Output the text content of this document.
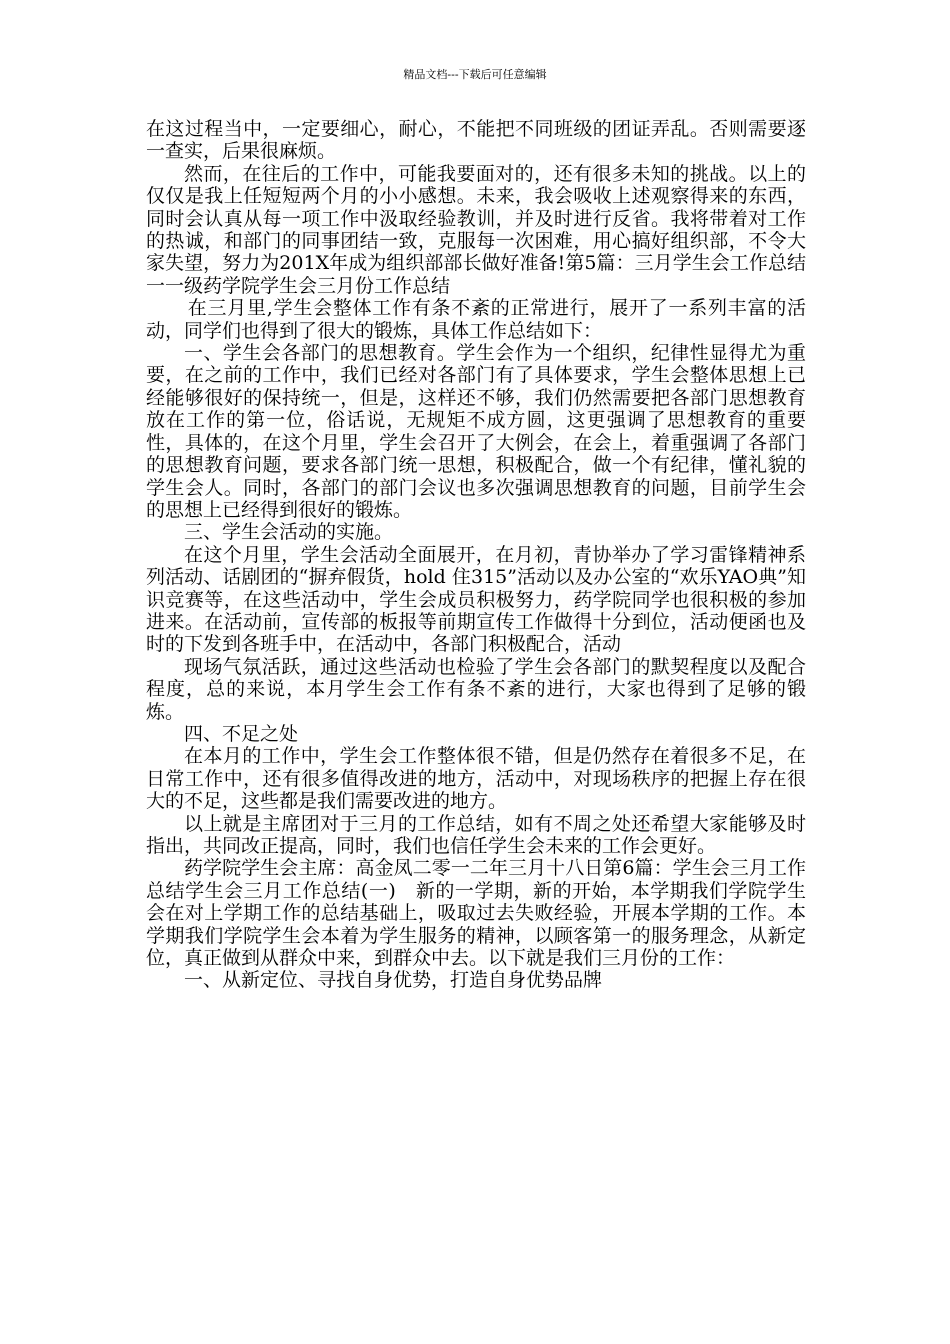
精品文档---下载后可任意编辑

在这过程当中，一定要细心，耐心，不能把不同班级的团证弄乱。否则需要逐一查实，后果很麻烦。

然而，在往后的工作中，可能我要面对的，还有很多未知的挑战。以上的仅仅是我上任短短两个月的小小感想。未来，我会吸收上述观察得来的东西，同时会认真从每一项工作中汲取经验教训，并及时进行反省。我将带着对工作的热诚，和部门的同事团结一致，克服每一次困难，用心搞好组织部，不令大家失望，努力为201X年成为组织部部长做好准备!第5篇：三月学生会工作总结一一级药学院学生会三月份工作总结

在三月里,学生会整体工作有条不紊的正常进行，展开了一系列丰富的活动，同学们也得到了很大的锻炼，具体工作总结如下：

一、学生会各部门的思想教育。学生会作为一个组织，纪律性显得尤为重要，在之前的工作中，我们已经对各部门有了具体要求，学生会整体思想上已经能够很好的保持统一，但是，这样还不够，我们仍然需要把各部门思想教育放在工作的第一位，俗话说，无规矩不成方圆，这更强调了思想教育的重要性，具体的，在这个月里，学生会召开了大例会，在会上，着重强调了各部门的思想教育问题，要求各部门统一思想，积极配合，做一个有纪律，懂礼貌的学生会人。同时，各部门的部门会议也多次强调思想教育的问题，目前学生会的思想上已经得到很好的锻炼。

三、学生会活动的实施。

在这个月里，学生会活动全面展开，在月初，青协举办了学习雷锋精神系列活动、话剧团的“摒弃假货，hold 住315”活动以及办公室的“欢乐YAO典”知识竞赛等，在这些活动中，学生会成员积极努力，药学院同学也很积极的参加进来。在活动前，宣传部的板报等前期宣传工作做得十分到位，活动便函也及时的下发到各班手中，在活动中，各部门积极配合，活动

现场气氛活跃，通过这些活动也检验了学生会各部门的默契程度以及配合程度，总的来说，本月学生会工作有条不紊的进行，大家也得到了足够的锻炼。

四、不足之处

在本月的工作中，学生会工作整体很不错，但是仍然存在着很多不足，在日常工作中，还有很多值得改进的地方，活动中，对现场秩序的把握上存在很大的不足，这些都是我们需要改进的地方。

以上就是主席团对于三月的工作总结，如有不周之处还希望大家能够及时指出，共同改正提高，同时，我们也信任学生会未来的工作会更好。

药学院学生会主席：高金凤二零一二年三月十八日第6篇：学生会三月工作总结学生会三月工作总结(一)　新的一学期，新的开始，本学期我们学院学生会在对上学期工作的总结基础上，吸取过去失败经验，开展本学期的工作。本学期我们学院学生会本着为学生服务的精神，以顾客第一的服务理念，从新定位，真正做到从群众中来，到群众中去。以下就是我们三月份的工作：

一、从新定位、寻找自身优势，打造自身优势品牌
